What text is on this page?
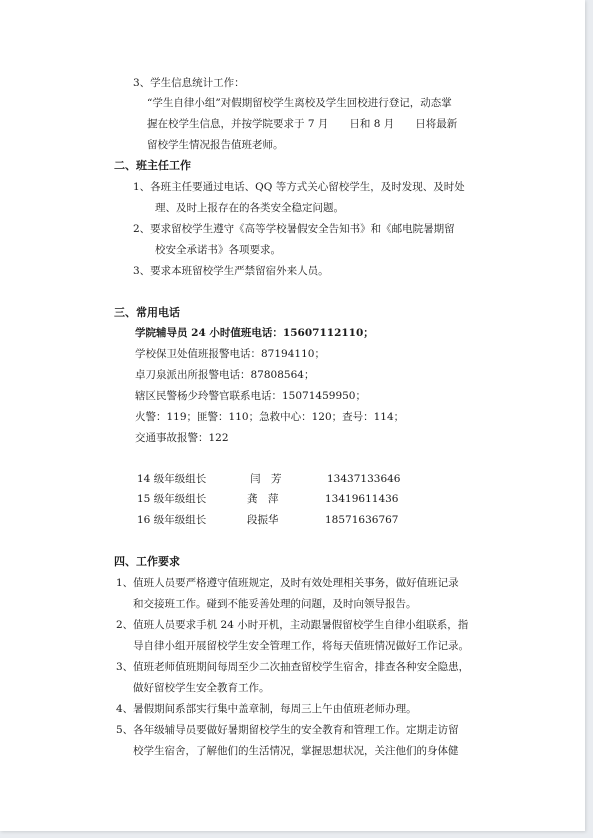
3、学生信息统计工作：
“学生自律小组”对假期留校学生离校及学生回校进行登记，动态掌
握在校学生信息，并按学院要求于 7 月　　日和 8 月　　日将最新
留校学生情况报告值班老师。
二、班主任工作
1、各班主任要通过电话、QQ 等方式关心留校学生，及时发现、及时处
理、及时上报存在的各类安全稳定问题。
2、要求留校学生遵守《高等学校暑假安全告知书》和《邮电院暑期留
校安全承诺书》各项要求。
3、要求本班留校学生严禁留宿外来人员。
三、常用电话
学院辅导员 24 小时值班电话：15607112110；
学校保卫处值班报警电话：87194110；
卓刀泉派出所报警电话：87808564；
辖区民警杨少玲警官联系电话：15071459950；
火警：119；匪警：110；急救中心：120；查号：114；
交通事故报警：122
14 级年级组长	闫　芳	13437133646
15 级年级组长	龚　萍	13419611436
16 级年级组长	段振华	18571636767
四、工作要求
1、值班人员要严格遵守值班规定，及时有效处理相关事务，做好值班记录
和交接班工作。碰到不能妥善处理的问题，及时向领导报告。
2、值班人员要求手机 24 小时开机，主动跟暑假留校学生自律小组联系，指
导自律小组开展留校学生安全管理工作，将每天值班情况做好工作记录。
3、值班老师值班期间每周至少二次抽查留校学生宿舍，排查各种安全隐患，
做好留校学生安全教育工作。
4、暑假期间系部实行集中盖章制，每周三上午由值班老师办理。
5、各年级辅导员要做好暑期留校学生的安全教育和管理工作。定期走访留
校学生宿舍，了解他们的生活情况，掌握思想状况，关注他们的身体健
